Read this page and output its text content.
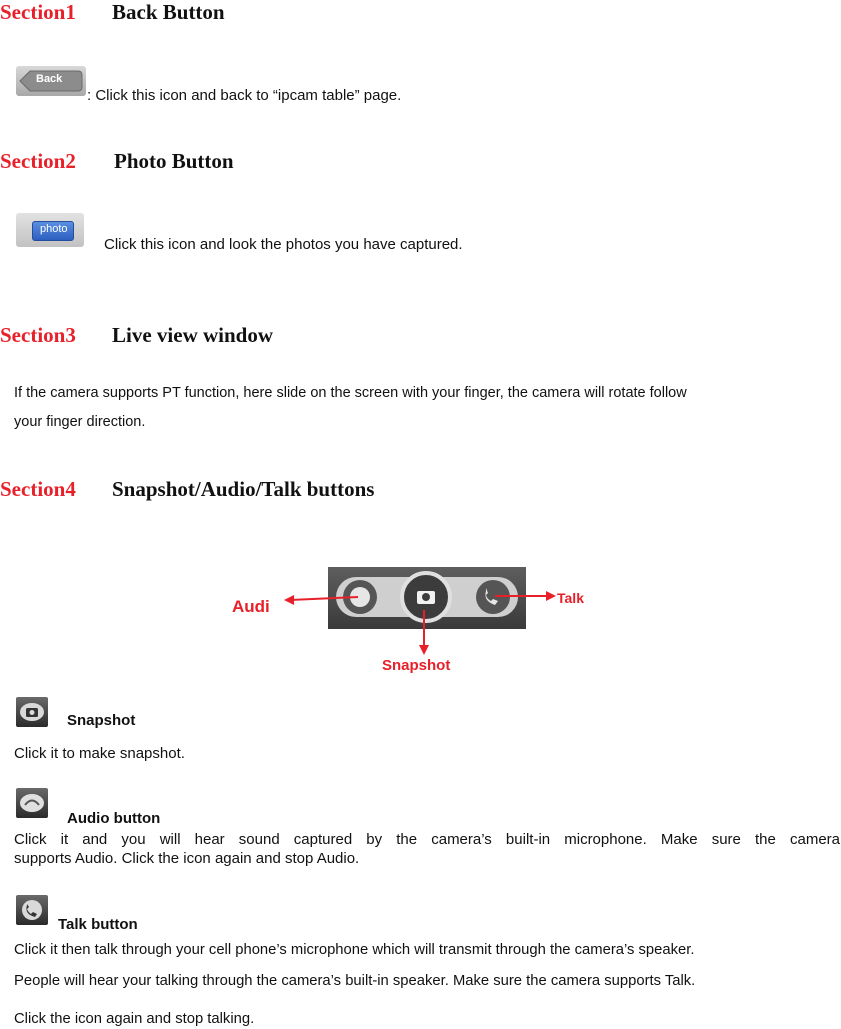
Section1 Back Button
Back
: Click this icon and back to “ipcam table” page.
Section2 Photo Button
photo
Click this icon and look the photos you have captured.
Section3 Live view window
If the camera supports PT function, here slide on the screen with your finger, the camera will rotate follow
your finger direction.
Section4 Snapshot/Audio/Talk buttons
Audi	Talk
Snapshot
Snapshot
Click it to make snapshot.
Audio button
Click it and you will hear sound captured by the camera’s built-in microphone. Make sure the camera
supports Audio. Click the icon again and stop Audio.
Talk button
Click it then talk through your cell phone’s microphone which will transmit through the camera’s speaker.
People will hear your talking through the camera’s built-in speaker. Make sure the camera supports Talk.
Click the icon again and stop talking.
